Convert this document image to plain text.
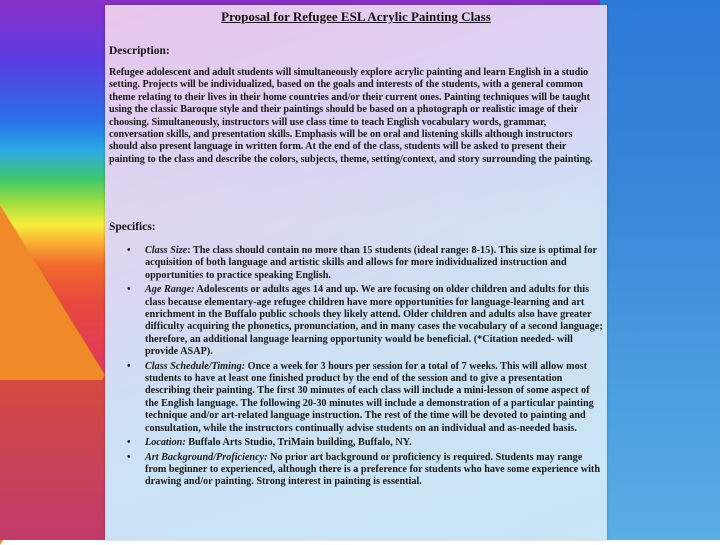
Proposal for Refugee ESL Acrylic Painting Class
Description:
Refugee adolescent and adult students will simultaneously explore acrylic painting and learn English in a studio setting. Projects will be individualized, based on the goals and interests of the students, with a general common theme relating to their lives in their home countries and/or their current ones. Painting techniques will be taught using the classic Baroque style and their paintings should be based on a photograph or realistic image of their choosing. Simultaneously, instructors will use class time to teach English vocabulary words, grammar, conversation skills, and presentation skills. Emphasis will be on oral and listening skills although instructors should also present language in written form. At the end of the class, students will be asked to present their painting to the class and describe the colors, subjects, theme, setting/context, and story surrounding the painting.
Specifics:
• Class Size: The class should contain no more than 15 students (ideal range: 8-15). This size is optimal for acquisition of both language and artistic skills and allows for more individualized instruction and opportunities to practice speaking English.
• Age Range: Adolescents or adults ages 14 and up. We are focusing on older children and adults for this class because elementary-age refugee children have more opportunities for language-learning and art enrichment in the Buffalo public schools they likely attend. Older children and adults also have greater difficulty acquiring the phonetics, pronunciation, and in many cases the vocabulary of a second language; therefore, an additional language learning opportunity would be beneficial. (*Citation needed- will provide ASAP).
• Class Schedule/Timing: Once a week for 3 hours per session for a total of 7 weeks. This will allow most students to have at least one finished product by the end of the session and to give a presentation describing their painting. The first 30 minutes of each class will include a mini-lesson of some aspect of the English language. The following 20-30 minutes will include a demonstration of a particular painting technique and/or art-related language instruction. The rest of the time will be devoted to painting and consultation, while the instructors continually advise students on an individual and as-needed basis.
• Location: Buffalo Arts Studio, TriMain building, Buffalo, NY.
• Art Background/Proficiency: No prior art background or proficiency is required. Students may range from beginner to experienced, although there is a preference for students who have some experience with drawing and/or painting. Strong interest in painting is essential.
